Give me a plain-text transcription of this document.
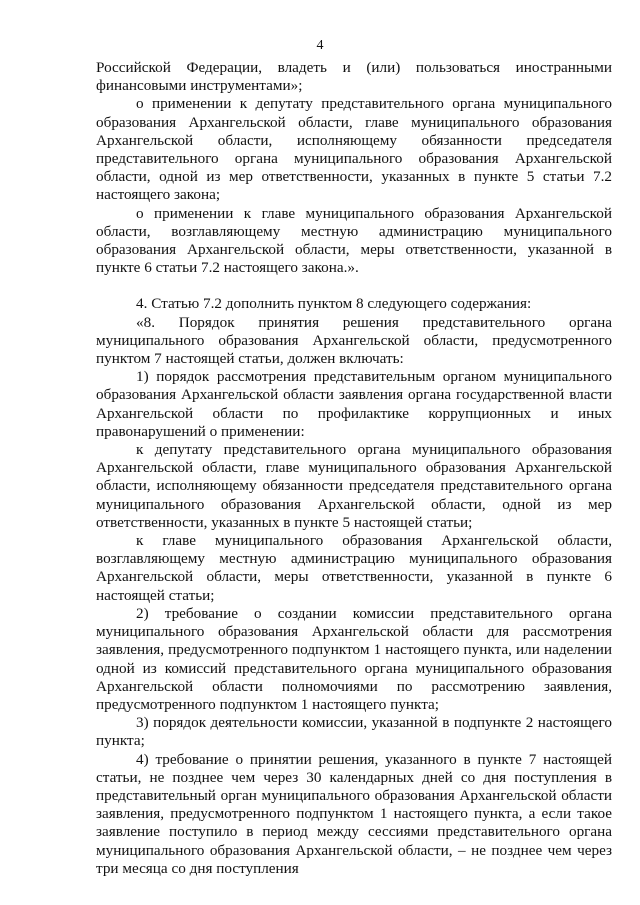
4

Российской Федерации, владеть и (или) пользоваться иностранными финансовыми инструментами»;

о применении к депутату представительного органа муниципального образования Архангельской области, главе муниципального образования Архангельской области, исполняющему обязанности председателя представительного органа муниципального образования Архангельской области, одной из мер ответственности, указанных в пункте 5 статьи 7.2 настоящего закона;

о применении к главе муниципального образования Архангельской области, возглавляющему местную администрацию муниципального образования Архангельской области, меры ответственности, указанной в пункте 6 статьи 7.2 настоящего закона.».

4. Статью 7.2 дополнить пунктом 8 следующего содержания:

«8. Порядок принятия решения представительного органа муниципального образования Архангельской области, предусмотренного пунктом 7 настоящей статьи, должен включать:

1) порядок рассмотрения представительным органом муниципального образования Архангельской области заявления органа государственной власти Архангельской области по профилактике коррупционных и иных правонарушений о применении:

к депутату представительного органа муниципального образования Архангельской области, главе муниципального образования Архангельской области, исполняющему обязанности председателя представительного органа муниципального образования Архангельской области, одной из мер ответственности, указанных в пункте 5 настоящей статьи;

к главе муниципального образования Архангельской области, возглавляющему местную администрацию муниципального образования Архангельской области, меры ответственности, указанной в пункте 6 настоящей статьи;

2) требование о создании комиссии представительного органа муниципального образования Архангельской области для рассмотрения заявления, предусмотренного подпунктом 1 настоящего пункта, или наделении одной из комиссий представительного органа муниципального образования Архангельской области полномочиями по рассмотрению заявления, предусмотренного подпунктом 1 настоящего пункта;

3) порядок деятельности комиссии, указанной в подпункте 2 настоящего пункта;

4) требование о принятии решения, указанного в пункте 7 настоящей статьи, не позднее чем через 30 календарных дней со дня поступления в представительный орган муниципального образования Архангельской области заявления, предусмотренного подпунктом 1 настоящего пункта, а если такое заявление поступило в период между сессиями представительного органа муниципального образования Архангельской области, – не позднее чем через три месяца со дня поступления
